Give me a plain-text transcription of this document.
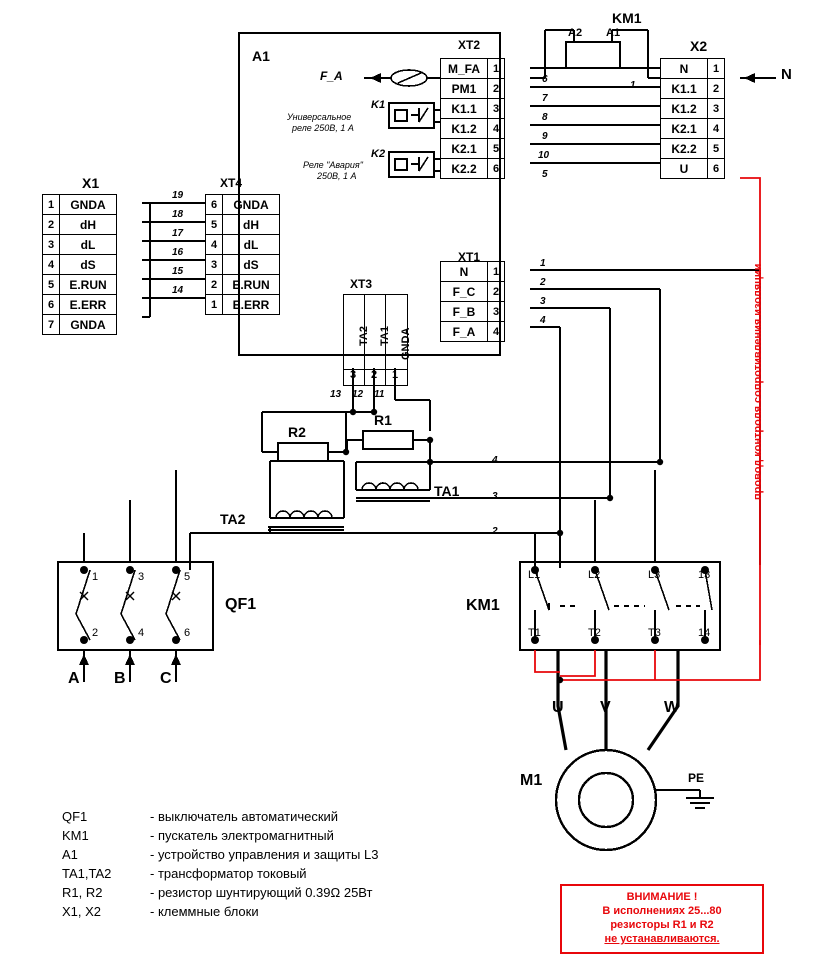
A1
KM1
A2 A1
N
F_A
K1
Универсальное
реле 250В, 1 А
K2
Реле "Авария"
250В, 1 А
XT2
M_FA	1
PM1	2
K1.1	3
K1.2	4
K2.1	5
K2.2	6
X2
N	1
K1.1	2
K1.2	3
K2.1	4
K2.2	5
U	6
X1
1	GNDA
2	dH
3	dL
4	dS
5	E.RUN
6	E.ERR
7	GNDA
XT4
6	GNDA
5	dH
4	dL
3	dS
2	E.RUN
1	E.ERR
XT1
N	1
F_C	2
F_B	3
F_A	4
XT3
TA2 TA1 GNDA
3 2 1
19
18
17
16
15
14
6
7
8
9
10
5
1
1
2
3
4
13 12 11
R2
R1
TA1
TA2
4
3
2
QF1
1	3	5
2	4	6
A B C
KM1
L1	L2	L3	13
T1	T2	T3	14
U V	W
M1	PE
провод контроля сопротивления изоляции
QF1	- выключатель автоматический
KM1	- пускатель электромагнитный
A1	- устройство управления и защиты L3
TA1,TA2	- трансформатор токовый
R1, R2	- резистор шунтирующий 0.39Ω 25Вт
X1, X2	- клеммные блоки
ВНИМАНИЕ !
В исполнениях 25...80
резисторы R1 и R2
не устанавливаются.
